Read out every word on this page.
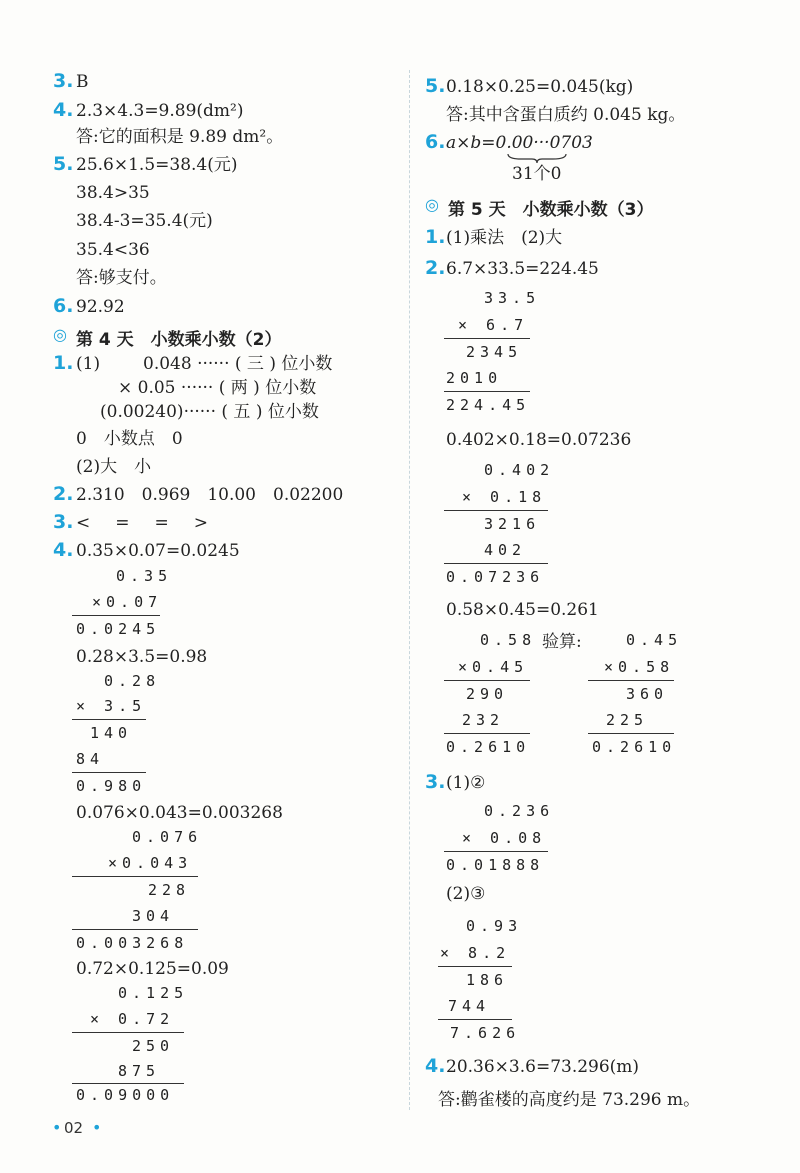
3. B
4. 2.3×4.3=9.89(dm²)
答:它的面积是 9.89 dm²。
5. 25.6×1.5=38.4(元)
38.4>35
38.4-3=35.4(元)
35.4<36
答:够支付。
6. 92.92
◎ 第 4 天　小数乘小数（2）
1. (1)	0.048 ······ ( 三 ) 位小数
× 0.05 ······ ( 两 ) 位小数
(0.00240)······ ( 五 ) 位小数
0　小数点　0
(2)大　小
2. 2.310　0.969　10.00　0.02200
3. <　=　=　>
4. 0.35×0.07=0.0245
0.35
×0.07
0.0245
0.28×3.5=0.98
0.28
× 3.5
140
84
0.980
0.076×0.043=0.003268
0.076
×0.043
228
304
0.003268
0.72×0.125=0.09
0.125
× 0.72
250
875
0.09000
5. 0.18×0.25=0.045(kg)
答:其中含蛋白质约 0.045 kg。
6. a×b=0.00···0703
31个0
◎ 第 5 天　小数乘小数（3）
1. (1)乘法　(2)大
2. 6.7×33.5=224.45
33.5
× 6.7
2345
2010
224.45
0.402×0.18=0.07236
0.402
× 0.18
3216
402
0.07236
0.58×0.45=0.261
0.58
×0.45
290
232
0.2610
验算:	0.45
×0.58
360
225
0.2610
3. (1)②
0.236
× 0.08
0.01888
(2)③
0.93
× 8.2
186
744
7.626
4. 20.36×3.6=73.296(m)
答:鹳雀楼的高度约是 73.296 m。
• 02 •
